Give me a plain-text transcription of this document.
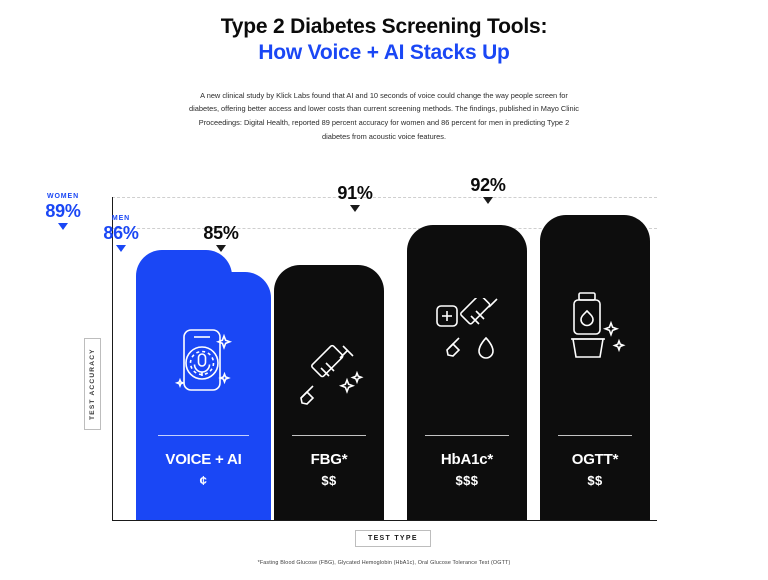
Type 2 Diabetes Screening Tools:
How Voice + AI Stacks Up
A new clinical study by Klick Labs found that AI and 10 seconds of voice could change the way people screen for diabetes, offering better access and lower costs than current screening methods. The findings, published in Mayo Clinic Proceedings: Digital Health, reported 89 percent accuracy for women and 86 percent for men in predicting Type 2 diabetes from acoustic voice features.
TEST ACCURACY
TEST TYPE
WOMEN
89%	MEN
86%	85%
91%	92%
VOICE + AI
¢
FBG*
$$
HbA1c*
$$$
OGTT*
$$
*Fasting Blood Glucose (FBG), Glycated Hemoglobin (HbA1c), Oral Glucose Tolerance Test (OGTT)
